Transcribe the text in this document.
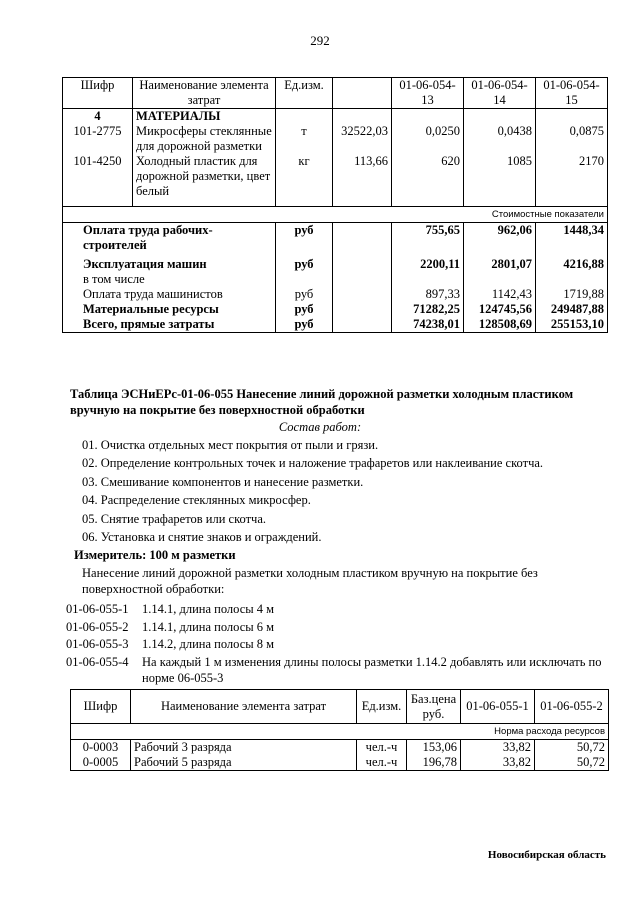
292
Шифр	Наименование элемента затрат	Ед.изм.		01-06-054-13	01-06-054-14	01-06-054-15
4	МАТЕРИАЛЫ					
101-2775	Микросферы стеклянные для дорожной разметки	т	32522,03	0,0250	0,0438	0,0875
101-4250	Холодный пластик для дорожной разметки, цвет белый	кг	113,66	620	1085	2170
Стоимостные показатели						
Оплата труда рабочих-строителей		руб		755,65	962,06	1448,34
Эксплуатация машин		руб		2200,11	2801,07	4216,88
в том числе						
Оплата труда машинистов		руб		897,33	1142,43	1719,88
Материальные ресурсы		руб		71282,25	124745,56	249487,88
Всего, прямые затраты		руб		74238,01	128508,69	255153,10
Таблица ЭСНиЕРс-01-06-055 Нанесение линий дорожной разметки холодным пластиком вручную на покрытие без поверхностной обработки
Состав работ:
01. Очистка отдельных мест покрытия от пыли и грязи.
02. Определение контрольных точек и наложение трафаретов или наклеивание скотча.
03. Смешивание компонентов и нанесение разметки.
04. Распределение стеклянных микросфер.
05. Снятие трафаретов или скотча.
06. Установка и снятие знаков и ограждений.
Измеритель: 100 м разметки
Нанесение линий дорожной разметки холодным пластиком вручную на покрытие без поверхностной обработки:
01-06-055-1 1.14.1, длина полосы 4 м
01-06-055-2 1.14.1, длина полосы 6 м
01-06-055-3 1.14.2, длина полосы 8 м
01-06-055-4 На каждый 1 м изменения длины полосы разметки 1.14.2 добавлять или исключать по норме 06-055-3
Шифр	Наименование элемента затрат	Ед.изм.	Баз.цена руб.	01-06-055-1	01-06-055-2
Норма расхода ресурсов					
0-0003	Рабочий 3 разряда	чел.-ч	153,06	33,82	50,72
0-0005	Рабочий 5 разряда	чел.-ч	196,78	33,82	50,72
Новосибирская область
